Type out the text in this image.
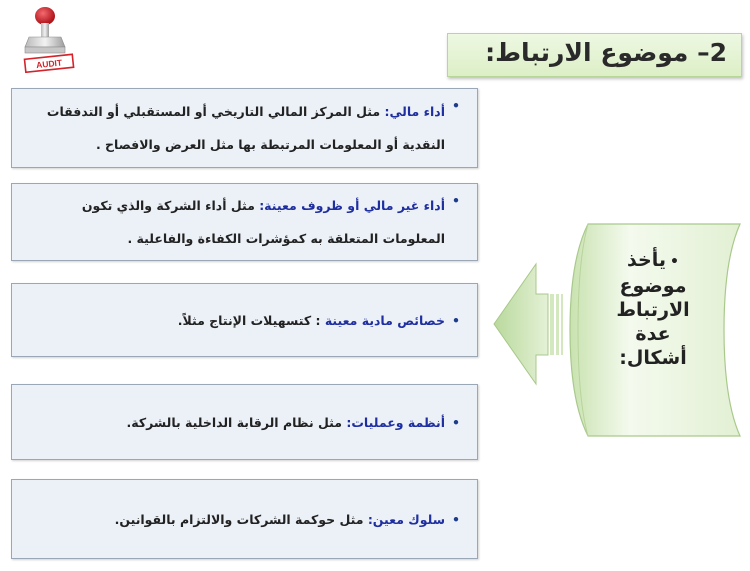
AUDIT	2– موضوع الارتباط:
•
أداء مالي: مثل المركز المالي التاريخي أو المستقبلي أو التدفقات
النقدية أو المعلومات المرتبطة بها مثل العرض والافصاح .
•
أداء غير مالي أو ظروف معينة: مثل أداء الشركة والذي تكون
المعلومات المتعلقة به كمؤشرات الكفاءة والفاعلية .
•
خصائص مادية معينة : كتسهيلات الإنتاج مثلاً.
•
أنظمة وعمليات: مثل نظام الرقابة الداخلية بالشركة.
•
سلوك معين: مثل حوكمة الشركات والالتزام بالقوانين.
•يأخذ
موضوع
الارتباط
عدة
أشكال:
